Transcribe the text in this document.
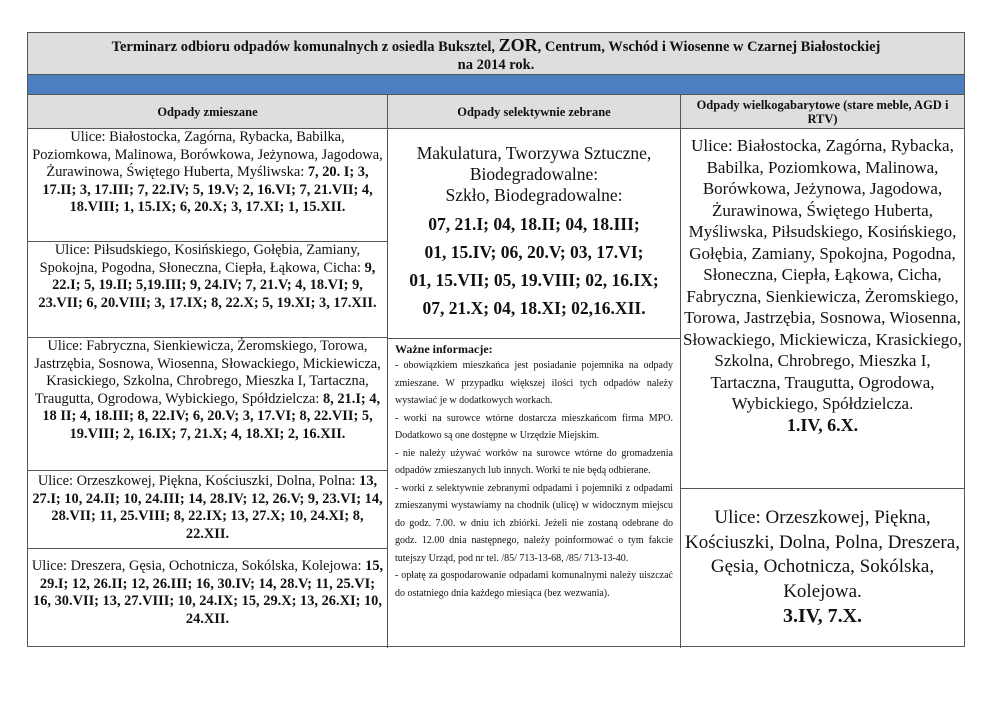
Terminarz odbioru odpadów komunalnych z osiedla Buksztel, ZOR, Centrum, Wschód i Wiosenne w Czarnej Białostockiej
na 2014 rok.
Odpady zmieszane	Odpady selektywnie zebrane	Odpady wielkogabarytowe (stare meble, AGD i RTV)
Ulice: Białostocka, Zagórna, Rybacka, Babilka, Poziomkowa, Malinowa, Borówkowa, Jeżynowa, Jagodowa, Żurawinowa, Świętego Huberta, Myśliwska: 7, 20. I; 3, 17.II; 3, 17.III; 7, 22.IV; 5, 19.V; 2, 16.VI; 7, 21.VII; 4, 18.VIII; 1, 15.IX; 6, 20.X; 3, 17.XI; 1, 15.XII.
Ulice: Piłsudskiego, Kosińskiego, Gołębia, Zamiany, Spokojna, Pogodna, Słoneczna, Ciepła, Łąkowa, Cicha: 9, 22.I; 5, 19.II; 5,19.III; 9, 24.IV; 7, 21.V; 4, 18.VI; 9, 23.VII; 6, 20.VIII; 3, 17.IX; 8, 22.X; 5, 19.XI; 3, 17.XII.
Ulice: Fabryczna, Sienkiewicza, Żeromskiego, Torowa, Jastrzębia, Sosnowa, Wiosenna, Słowackiego, Mickiewicza, Krasickiego, Szkolna, Chrobrego, Mieszka I, Tartaczna, Traugutta, Ogrodowa, Wybickiego, Spółdzielcza: 8, 21.I; 4, 18 II; 4, 18.III; 8, 22.IV; 6, 20.V; 3, 17.VI; 8, 22.VII; 5, 19.VIII; 2, 16.IX; 7, 21.X; 4, 18.XI; 2, 16.XII.
Ulice: Orzeszkowej, Piękna, Kościuszki, Dolna, Polna: 13, 27.I; 10, 24.II; 10, 24.III; 14, 28.IV; 12, 26.V; 9, 23.VI; 14, 28.VII; 11, 25.VIII; 8, 22.IX; 13, 27.X; 10, 24.XI; 8, 22.XII.
Ulice: Dreszera, Gęsia, Ochotnicza, Sokólska, Kolejowa: 15, 29.I; 12, 26.II; 12, 26.III; 16, 30.IV; 14, 28.V; 11, 25.VI; 16, 30.VII; 13, 27.VIII; 10, 24.IX; 15, 29.X; 13, 26.XI; 10, 24.XII.
Makulatura, Tworzywa Sztuczne,
Biodegradowalne:
Szkło, Biodegradowalne:
07, 21.I; 04, 18.II; 04, 18.III;
01, 15.IV; 06, 20.V; 03, 17.VI;
01, 15.VII; 05, 19.VIII; 02, 16.IX;
07, 21.X; 04, 18.XI; 02,16.XII.
Ważne informacje:

- obowiązkiem mieszkańca jest posiadanie pojemnika na odpady zmieszane. W przypadku większej ilości tych odpadów należy wystawiać je w dodatkowych workach.

- worki na surowce wtórne dostarcza mieszkańcom firma MPO. Dodatkowo są one dostępne w Urzędzie Miejskim.

- nie należy używać worków na surowce wtórne do gromadzenia odpadów zmieszanych lub innych. Worki te nie będą odbierane.

- worki z selektywnie zebranymi odpadami i pojemniki z odpadami zmieszanymi wystawiamy na chodnik (ulicę) w widocznym miejscu do godz. 7.00. w dniu ich zbiórki. Jeżeli nie zostaną odebrane do godz. 12.00 dnia następnego, należy poinformować o tym fakcie tutejszy Urząd, pod nr tel. /85/ 713-13-68, /85/ 713-13-40.

- opłatę za gospodarowanie odpadami komunalnymi należy uiszczać do ostatniego dnia każdego miesiąca (bez wezwania).

Ulice: Białostocka, Zagórna, Rybacka, Babilka, Poziomkowa, Malinowa, Borówkowa, Jeżynowa, Jagodowa, Żurawinowa, Świętego Huberta, Myśliwska, Piłsudskiego, Kosińskiego, Gołębia, Zamiany, Spokojna, Pogodna, Słoneczna, Ciepła, Łąkowa, Cicha, Fabryczna, Sienkiewicza, Żeromskiego, Torowa, Jastrzębia, Sosnowa, Wiosenna, Słowackiego, Mickiewicza, Krasickiego, Szkolna, Chrobrego, Mieszka I, Tartaczna, Traugutta, Ogrodowa, Wybickiego, Spółdzielcza.
1.IV, 6.X.
Ulice: Orzeszkowej, Piękna, Kościuszki, Dolna, Polna, Dreszera, Gęsia, Ochotnicza, Sokólska, Kolejowa.
3.IV, 7.X.
